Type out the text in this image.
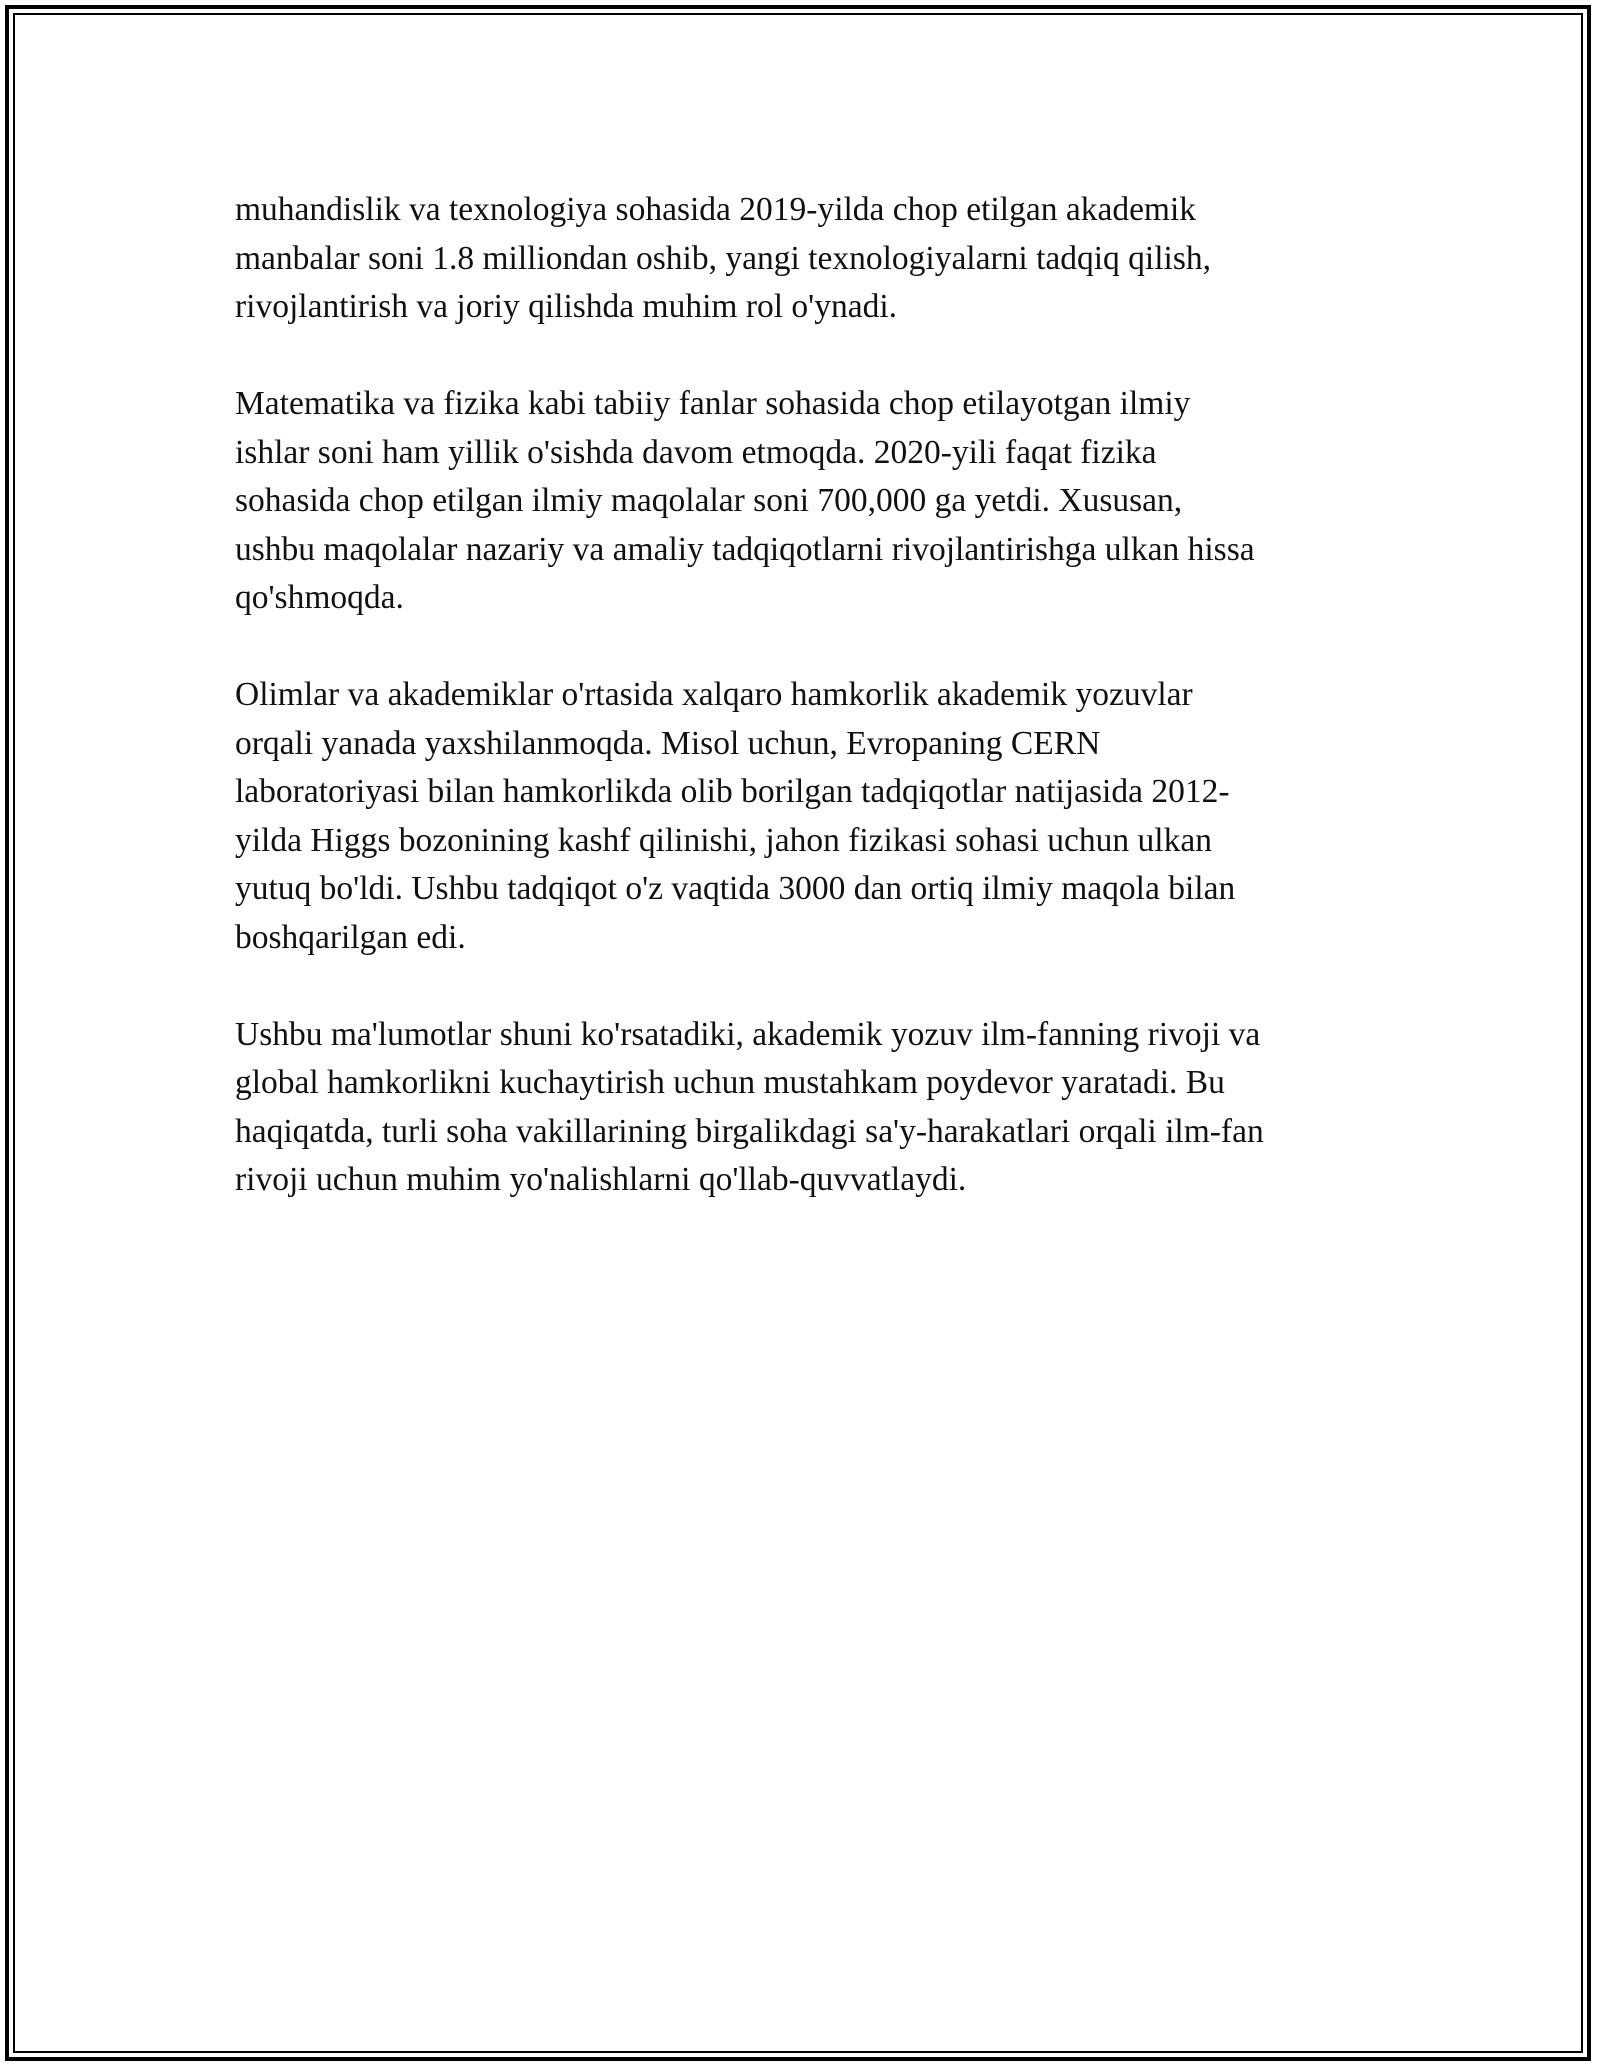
muhandislik va texnologiya sohasida 2019-yilda chop etilgan akademik
manbalar soni 1.8 milliondan oshib, yangi texnologiyalarni tadqiq qilish,
rivojlantirish va joriy qilishda muhim rol o'ynadi.

Matematika va fizika kabi tabiiy fanlar sohasida chop etilayotgan ilmiy
ishlar soni ham yillik o'sishda davom etmoqda. 2020-yili faqat fizika
sohasida chop etilgan ilmiy maqolalar soni 700,000 ga yetdi. Xususan,
ushbu maqolalar nazariy va amaliy tadqiqotlarni rivojlantirishga ulkan hissa
qo'shmoqda.

Olimlar va akademiklar o'rtasida xalqaro hamkorlik akademik yozuvlar
orqali yanada yaxshilanmoqda. Misol uchun, Evropaning CERN
laboratoriyasi bilan hamkorlikda olib borilgan tadqiqotlar natijasida 2012-
yilda Higgs bozonining kashf qilinishi, jahon fizikasi sohasi uchun ulkan
yutuq bo'ldi. Ushbu tadqiqot o'z vaqtida 3000 dan ortiq ilmiy maqola bilan
boshqarilgan edi.

Ushbu ma'lumotlar shuni ko'rsatadiki, akademik yozuv ilm-fanning rivoji va
global hamkorlikni kuchaytirish uchun mustahkam poydevor yaratadi. Bu
haqiqatda, turli soha vakillarining birgalikdagi sa'y-harakatlari orqali ilm-fan
rivoji uchun muhim yo'nalishlarni qo'llab-quvvatlaydi.
